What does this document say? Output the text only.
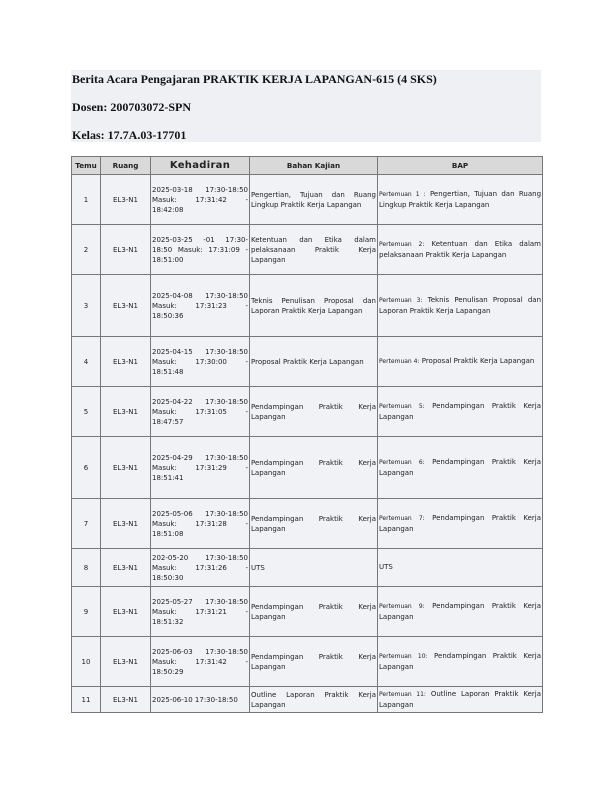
Berita Acara Pengajaran PRAKTIK KERJA LAPANGAN-615 (4 SKS)
Dosen: 200703072-SPN
Kelas: 17.7A.03-17701
Temu	Ruang	Kehadiran	Bahan Kajian	BAP
1	EL3-N1	2025-03-18 17:30-18:50 Masuk: 17:31:42 - 18:42:08	Pengertian, Tujuan dan Ruang Lingkup Praktik Kerja Lapangan	Pertemuan 1 : Pengertian, Tujuan dan Ruang Lingkup Praktik Kerja Lapangan
2	EL3-N1	2025-03-25 -01 17:30-18:50 Masuk: 17:31:09 - 18:51:00	Ketentuan dan Etika dalam pelaksanaan Praktik Kerja Lapangan	Pertemuan 2: Ketentuan dan Etika dalam pelaksanaan Praktik Kerja Lapangan
3	EL3-N1	2025-04-08 17:30-18:50 Masuk: 17:31:23 - 18:50:36	Teknis Penulisan Proposal dan Laporan Praktik Kerja Lapangan	Pertemuan 3: Teknis Penulisan Proposal dan Laporan Praktik Kerja Lapangan
4	EL3-N1	2025-04-15 17:30-18:50 Masuk: 17:30:00 - 18:51:48	Proposal Praktik Kerja Lapangan	Pertemuan 4: Proposal Praktik Kerja Lapangan
5	EL3-N1	2025-04-22 17:30-18:50 Masuk: 17:31:05 - 18:47:57	Pendampingan Praktik Kerja Lapangan	Pertemuan 5: Pendampingan Praktik Kerja Lapangan
6	EL3-N1	2025-04-29 17:30-18:50 Masuk: 17:31:29 - 18:51:41	Pendampingan Praktik Kerja Lapangan	Pertemuan 6: Pendampingan Praktik Kerja Lapangan
7	EL3-N1	2025-05-06 17:30-18:50 Masuk: 17:31:28 - 18:51:08	Pendampingan Praktik Kerja Lapangan	Pertemuan 7: Pendampingan Praktik Kerja Lapangan
8	EL3-N1	202-05-20 17:30-18:50 Masuk: 17:31:26 - 18:50:30	UTS	UTS
9	EL3-N1	2025-05-27 17:30-18:50 Masuk: 17:31:21 - 18:51:32	Pendampingan Praktik Kerja Lapangan	Pertemuan 9: Pendampingan Praktik Kerja Lapangan
10	EL3-N1	2025-06-03 17:30-18:50 Masuk: 17:31:42 - 18:50:29	Pendampingan Praktik Kerja Lapangan	Pertemuan 10: Pendampingan Praktik Kerja Lapangan
11	EL3-N1	2025-06-10 17:30-18:50	Outline Laporan Praktik Kerja Lapangan	Pertemuan 11: Outline Laporan Praktik Kerja Lapangan
